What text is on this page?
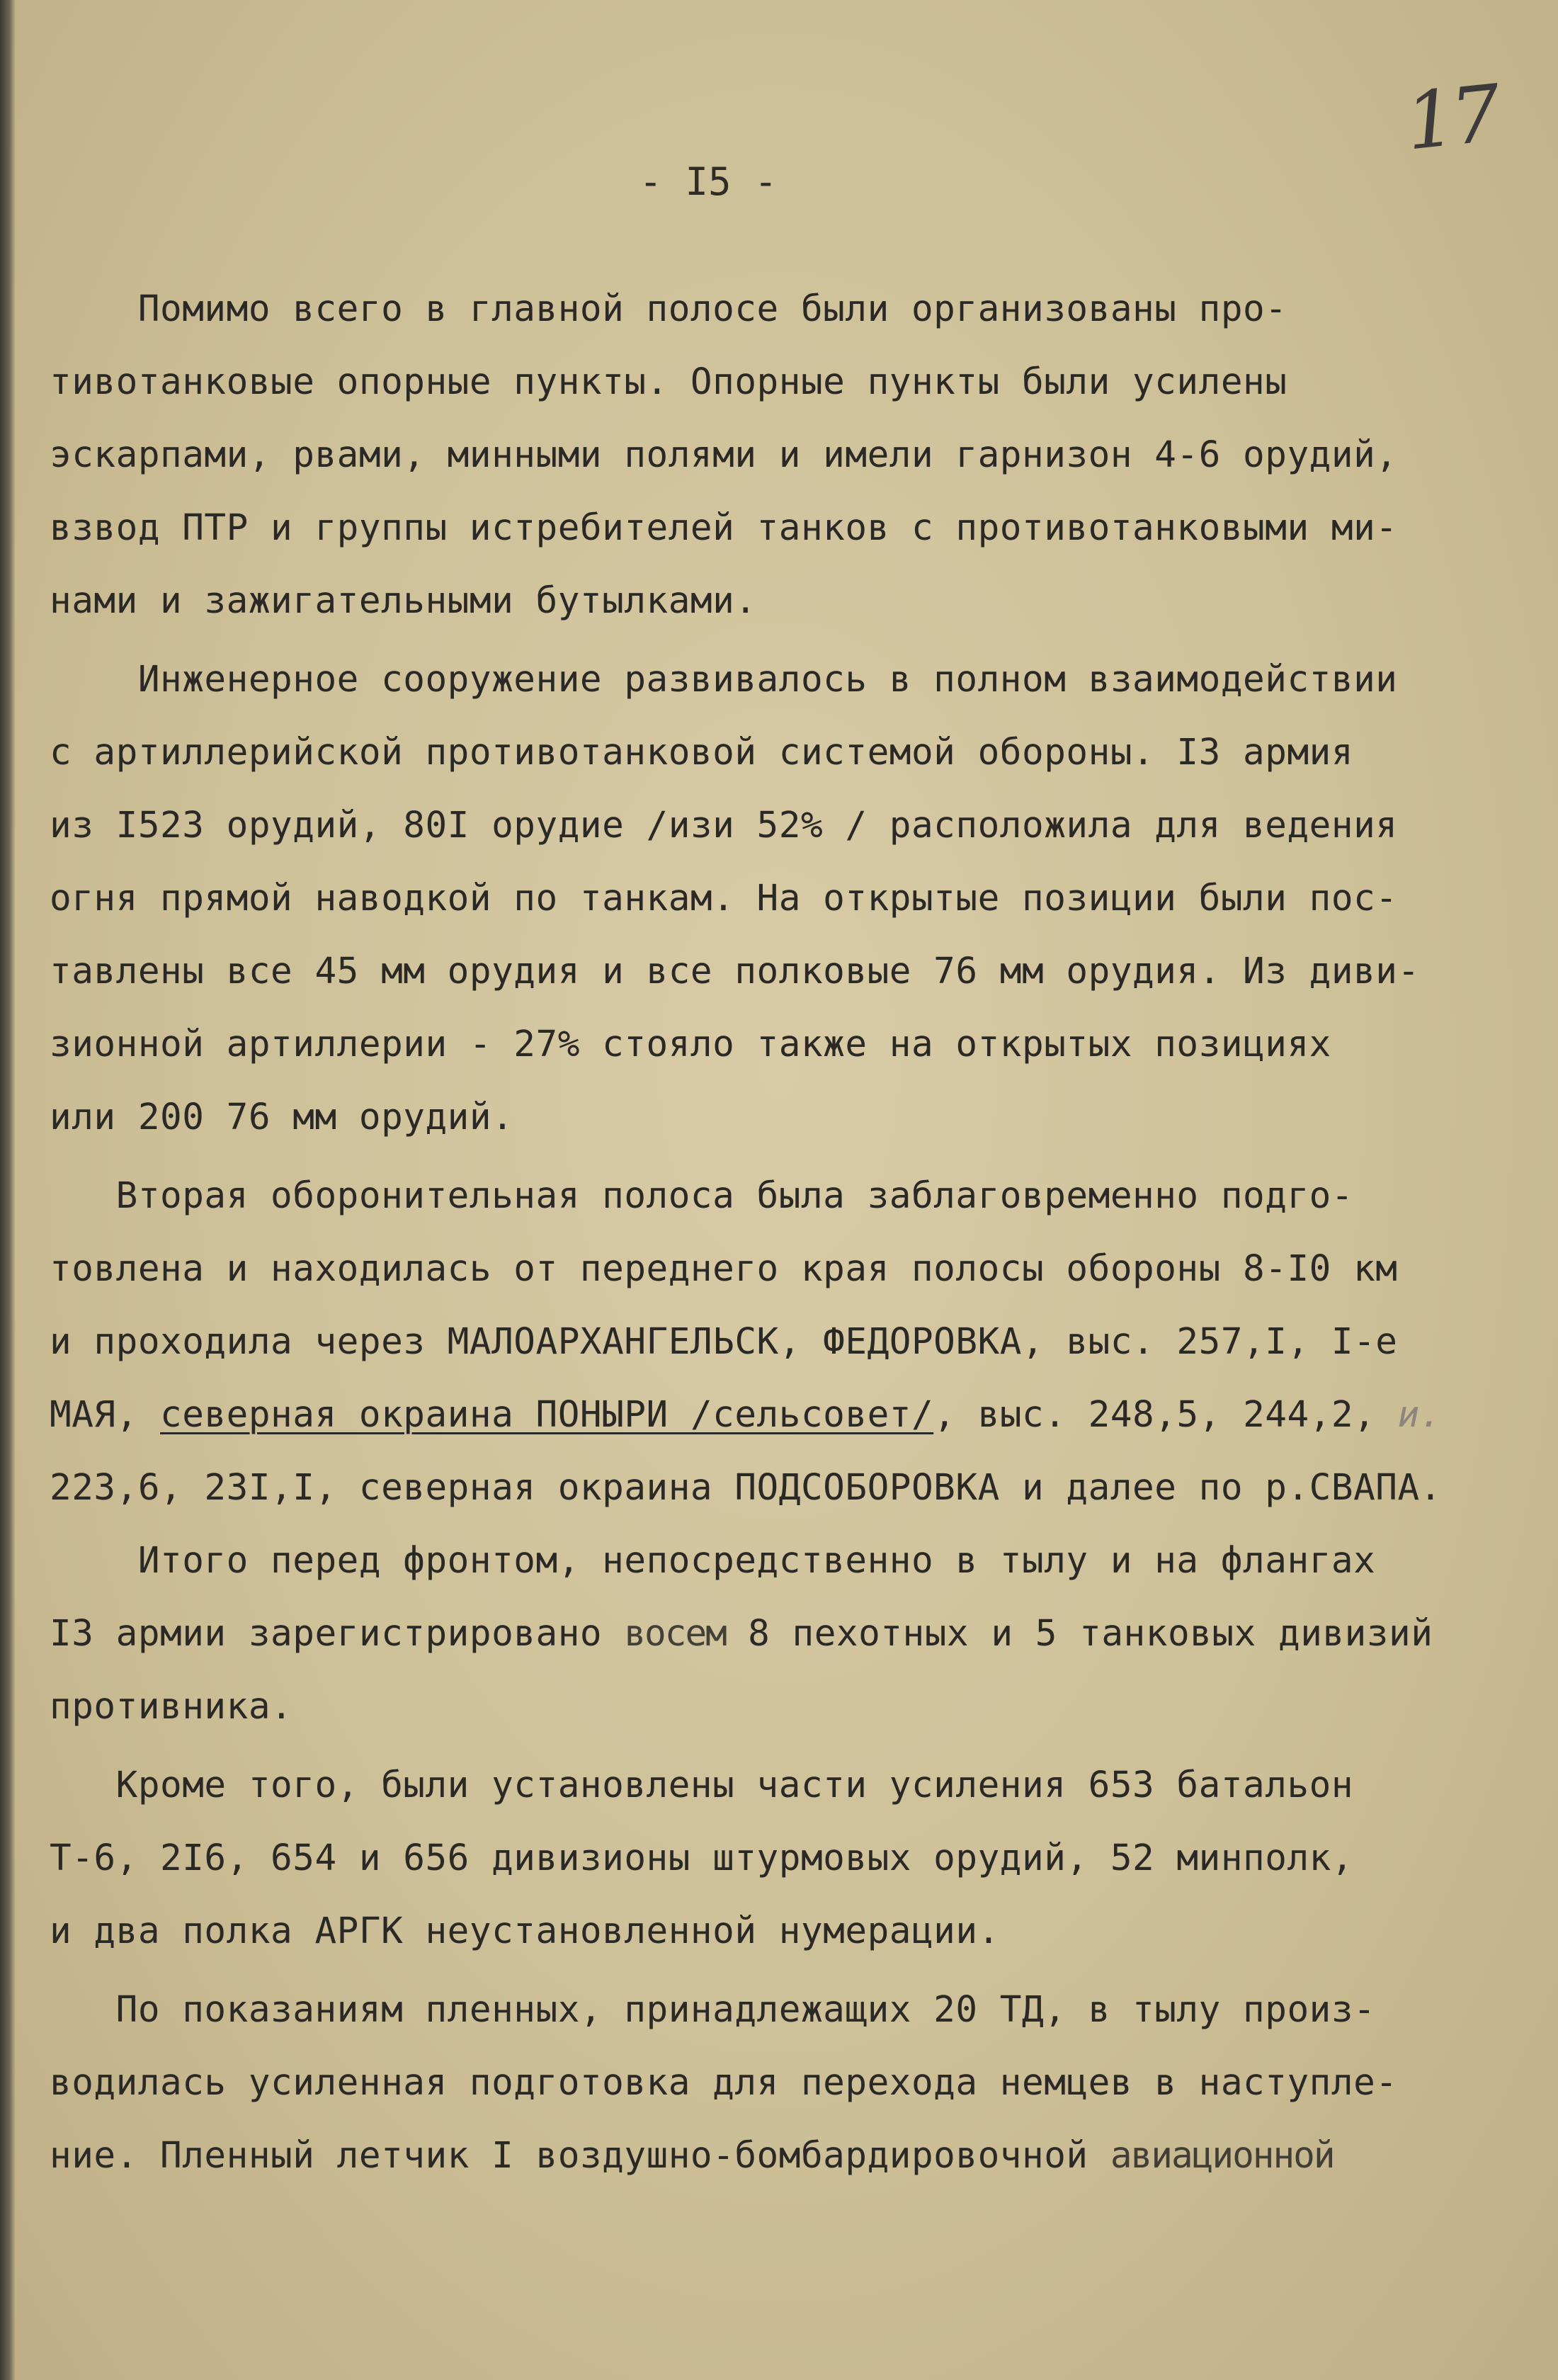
17
- I5 -
Помимо всего в главной полосе были организованы про-
тивотанковые опорные пункты. Опорные пункты были усилены
эскарпами, рвами, минными полями и имели гарнизон 4-6 орудий,
взвод ПТР и группы истребителей танков с противотанковыми ми-
нами и зажигательными бутылками.
Инженерное сооружение развивалось в полном взаимодействии
с артиллерийской противотанковой системой обороны. I3 армия
из I523 орудий, 80I орудие /изи 52% / расположила для ведения
огня прямой наводкой по танкам. На открытые позиции были пос-
тавлены все 45 мм орудия и все полковые 76 мм орудия. Из диви-
зионной артиллерии - 27% стояло также на открытых позициях
или 200 76 мм орудий.
Вторая оборонительная полоса была заблаговременно подго-
товлена и находилась от переднего края полосы обороны 8-I0 км
и проходила через МАЛОАРХАНГЕЛЬСК, ФЕДОРОВКА, выс. 257,I, I-е
МАЯ, северная окраина ПОНЫРИ /сельсовет/, выс. 248,5, 244,2, и.
223,6, 23I,I, северная окраина ПОДСОБОРОВКА и далее по р.СВАПА.
Итого перед фронтом, непосредственно в тылу и на флангах
I3 армии зарегистрировано восем 8 пехотных и 5 танковых дивизий
противника.
Кроме того, были установлены части усиления 653 батальон
Т-6, 2I6, 654 и 656 дивизионы штурмовых орудий, 52 минполк,
и два полка АРГК неустановленной нумерации.
По показаниям пленных, принадлежащих 20 ТД, в тылу произ-
водилась усиленная подготовка для перехода немцев в наступле-
ние. Пленный летчик I воздушно-бомбардировочной авиационной
